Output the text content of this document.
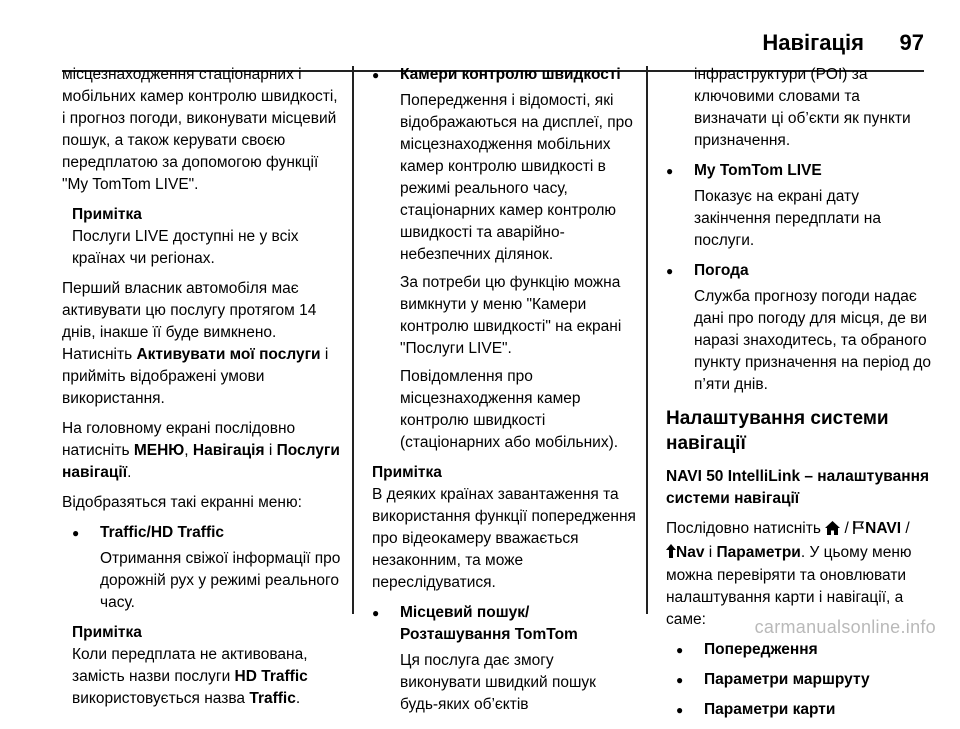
Навігація 97

місцезнаходження стаціонарних і мобільних камер контролю швидкості, і прогноз погоди, виконувати місцевий пошук, а також керувати своєю передплатою за допомогою функції "My TomTom LIVE".

Примітка
Послуги LIVE доступні не у всіх країнах чи регіонах.

Перший власник автомобіля має активувати цю послугу протягом 14 днів, інакше її буде вимкнено.

Натисніть Активувати мої послуги і прийміть відображені умови використання.

На головному екрані послідовно натисніть МЕНЮ, Навігація і Послуги навігації.

Відобразяться такі екранні меню:

● Traffic/HD Traffic
Отримання свіжої інформації про дорожній рух у режимі реального часу.
Примітка
Коли передплата не активована, замість назви послуги HD Traffic використовується назва Traffic.
● Камери контролю швидкості
Попередження і відомості, які відображаються на дисплеї, про місцезнаходження мобільних камер контролю швидкості в режимі реального часу, стаціонарних камер контролю швидкості та аварійно-небезпечних ділянок.
За потреби цю функцію можна вимкнути у меню "Камери контролю швидкості" на екрані "Послуги LIVE".
Повідомлення про місцезнаходження камер контролю швидкості (стаціонарних або мобільних).
Примітка
В деяких країнах завантаження та використання функції попередження про відеокамеру вважається незаконним, та може переслідуватися.
● Місцевий пошук/Розташування TomTom
Ця послуга дає змогу виконувати швидкий пошук будь-яких об’єктів

інфраструктури (POI) за ключовими словами та визначати ці об’єкти як пункти призначення.

● My TomTom LIVE
Показує на екрані дату закінчення передплати на послуги.
● Погода
Служба прогнозу погоди надає дані про погоду для місця, де ви наразі знаходитесь, та обраного пункту призначення на період до п’яти днів.
Налаштування системи навігації

NAVI 50 IntelliLink – налаштування системи навігації

Послідовно натисніть  / NAVI /
Nav і Параметри. У цьому меню можна перевіряти та оновлювати налаштування карти і навігації, а саме:

● Попередження
● Параметри маршруту
● Параметри карти
carmanualsonline.info
